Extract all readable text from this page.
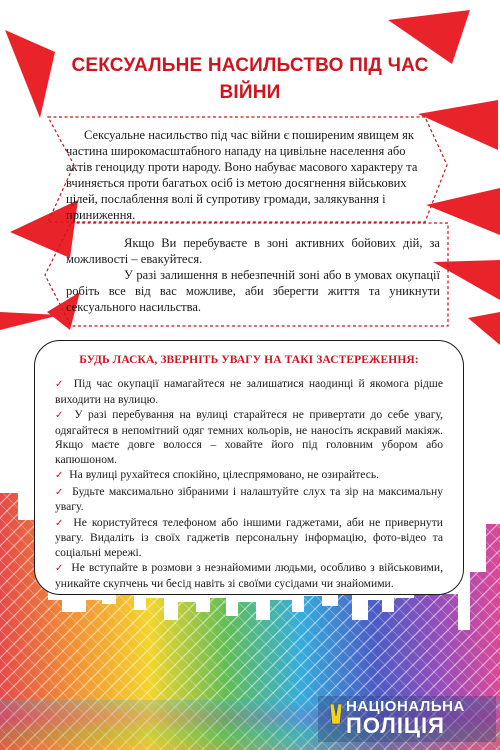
СЕКСУАЛЬНЕ НАСИЛЬСТВО ПІД ЧАС
ВІЙНИ

Сексуальне насильство під час війни є поширеним явищем як частина широкомасштабного нападу на цивільне населення або актів геноциду проти народу. Воно набуває масового характеру та вчиняється проти багатьох осіб із метою досягнення військових цілей, послаблення волі й супротиву громади, залякування і приниження.

Якщо Ви перебуваєте в зоні активних бойових дій, за можливості – евакуйтеся.

У разі залишення в небезпечній зоні або в умовах окупації робіть все від вас можливе, аби зберегти життя та уникнути сексуального насильства.

БУДЬ ЛАСКА, ЗВЕРНІТЬ УВАГУ НА ТАКІ ЗАСТЕРЕЖЕННЯ:
✓ Під час окупації намагайтеся не залишатися наодинці й якомога рідше виходити на вулицю.
✓ У разі перебування на вулиці старайтеся не привертати до себе увагу, одягайтеся в непомітний одяг темних кольорів, не наносіть яскравий макіяж. Якщо маєте довге волосся – ховайте його під головним убором або капюшоном.
✓ На вулиці рухайтеся спокійно, цілеспрямовано, не озирайтесь.
✓ Будьте максимально зібраними і налаштуйте слух та зір на максимальну увагу.
✓ Не користуйтеся телефоном або іншими гаджетами, аби не привернути увагу. Видаліть із своїх гаджетів персональну інформацію, фото-відео та соціальні мережі.
✓ Не вступайте в розмови з незнайомими людьми, особливо з військовими, уникайте скупчень чи бесід навіть зі своїми сусідами чи знайомими.
НАЦІОНАЛЬНА
ПОЛІЦІЯ
